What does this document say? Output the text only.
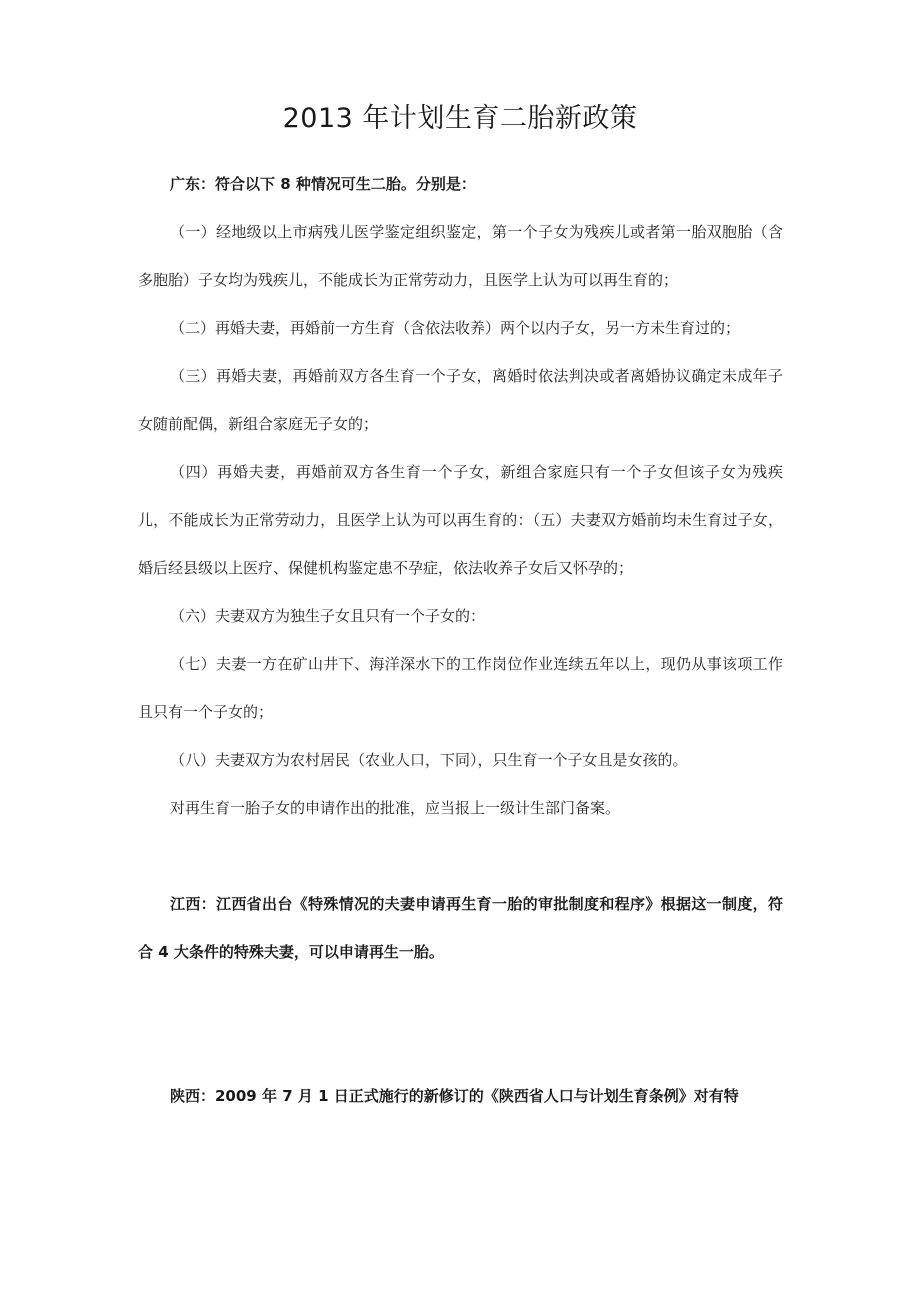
2013 年计划生育二胎新政策

广东：符合以下 8 种情况可生二胎。分别是：

（一）经地级以上市病残儿医学鉴定组织鉴定，第一个子女为残疾儿或者第一胎双胞胎（含多胞胎）子女均为残疾儿，不能成长为正常劳动力，且医学上认为可以再生育的；

（二）再婚夫妻，再婚前一方生育（含依法收养）两个以内子女，另一方未生育过的；

（三）再婚夫妻，再婚前双方各生育一个子女，离婚时依法判决或者离婚协议确定未成年子女随前配偶，新组合家庭无子女的；

（四）再婚夫妻，再婚前双方各生育一个子女，新组合家庭只有一个子女但该子女为残疾儿，不能成长为正常劳动力，且医学上认为可以再生育的：（五）夫妻双方婚前均未生育过子女，婚后经县级以上医疗、保健机构鉴定患不孕症，依法收养子女后又怀孕的；

（六）夫妻双方为独生子女且只有一个子女的：

（七）夫妻一方在矿山井下、海洋深水下的工作岗位作业连续五年以上，现仍从事该项工作且只有一个子女的；

（八）夫妻双方为农村居民（农业人口，下同），只生育一个子女且是女孩的。

对再生育一胎子女的申请作出的批准，应当报上一级计生部门备案。

江西：江西省出台《特殊情况的夫妻申请再生育一胎的审批制度和程序》根据这一制度，符合 4 大条件的特殊夫妻，可以申请再生一胎。

陕西：2009 年 7 月 1 日正式施行的新修订的《陕西省人口与计划生育条例》对有特
